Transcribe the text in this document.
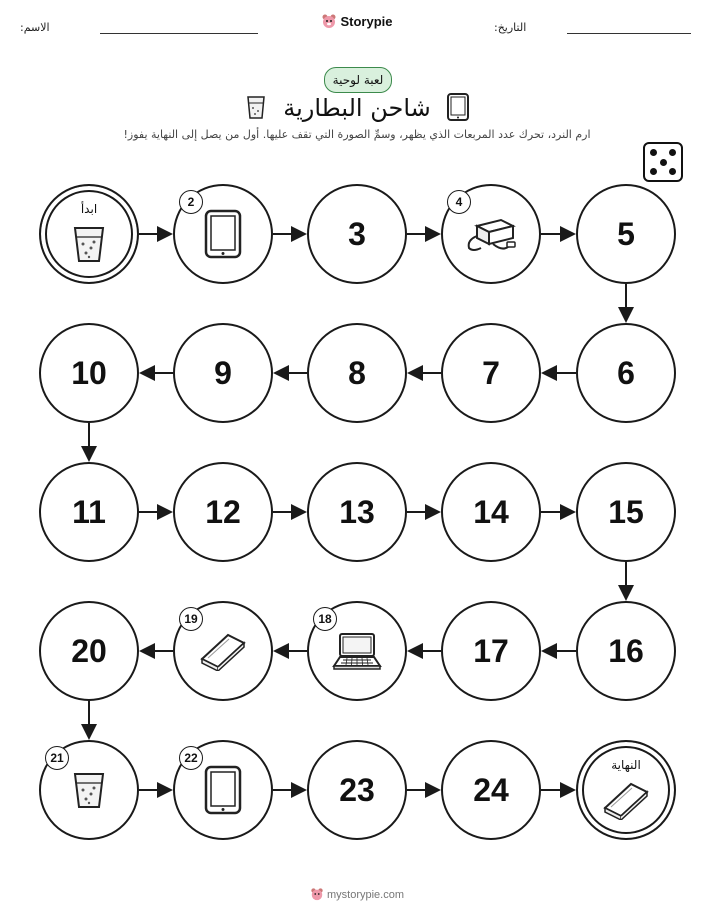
الاسم:	Storypie	التاريخ:
لعبة لوحية
شاحن البطارية
ارم النرد، تحرك عدد المربعات الذي يظهر، وسمِّ الصورة التي تقف عليها. أول من يصل إلى النهاية يفوز!
ابدأ	2
3
4
5
6
7
8
9
10
11	12	13	14	15
16
17
18
19
20
21	22
23	24
النهاية
mystorypie.com
